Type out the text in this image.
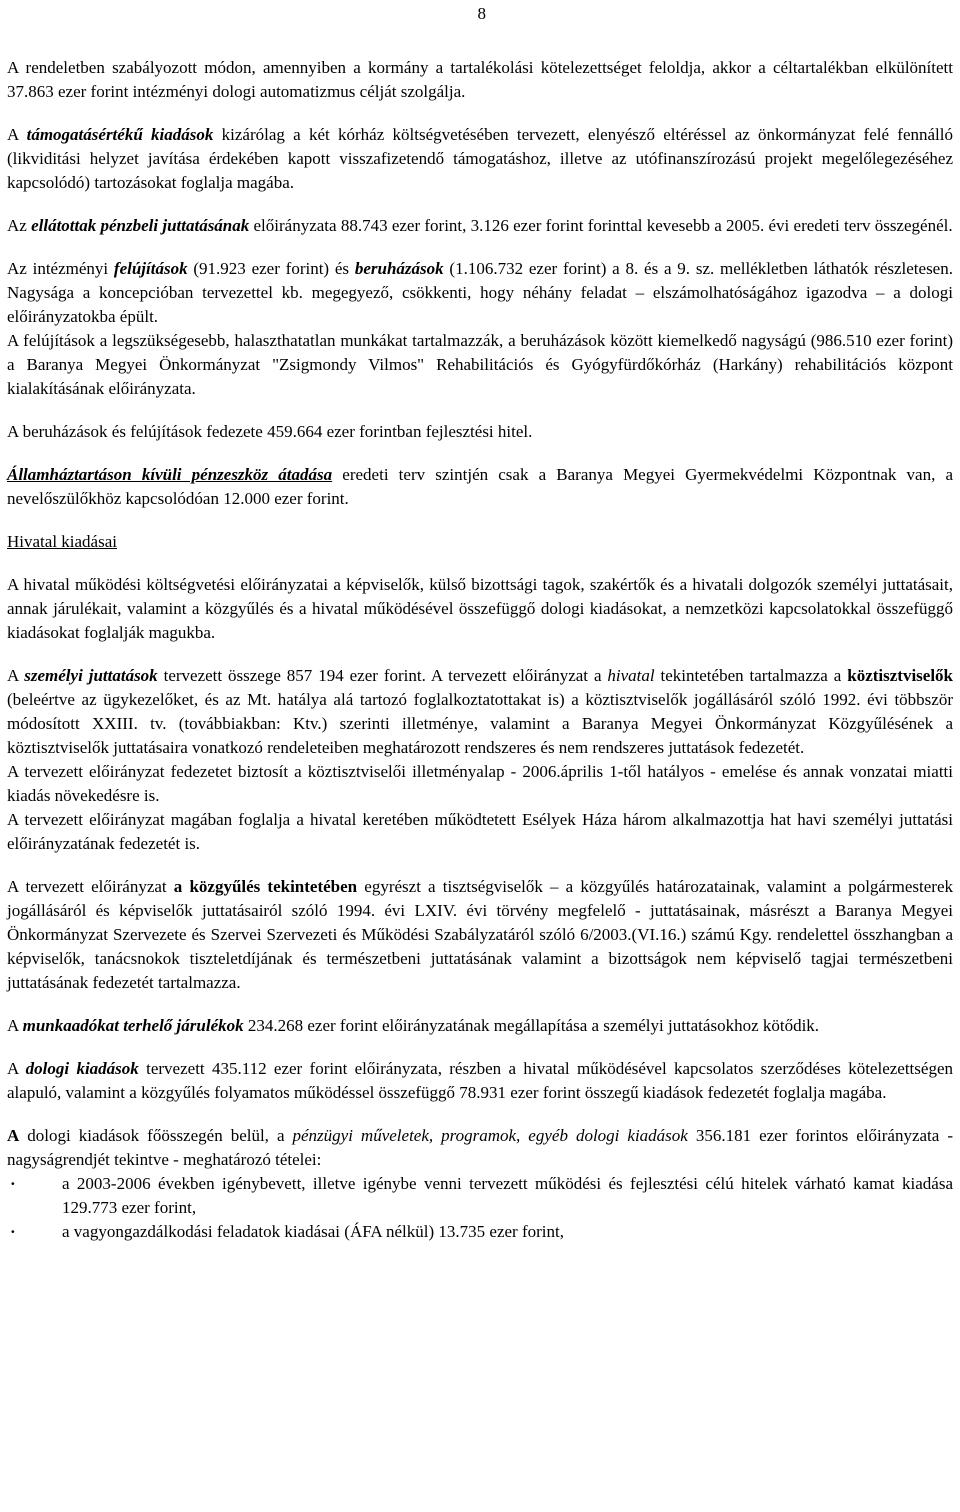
8

A rendeletben szabályozott módon, amennyiben a kormány a tartalékolási kötelezettséget feloldja, akkor a céltartalékban elkülönített 37.863 ezer forint intézményi dologi automatizmus célját szolgálja.

A támogatásértékű kiadások kizárólag a két kórház költségvetésében tervezett, elenyésző eltéréssel az önkormányzat felé fennálló (likviditási helyzet javítása érdekében kapott visszafizetendő támogatáshoz, illetve az utófinanszírozású projekt megelőlegezéséhez kapcsolódó) tartozásokat foglalja magába.

Az ellátottak pénzbeli juttatásának előirányzata 88.743 ezer forint, 3.126 ezer forint forinttal kevesebb a 2005. évi eredeti terv összegénél.

Az intézményi felújítások (91.923 ezer forint) és beruházások (1.106.732 ezer forint) a 8. és a 9. sz. mellékletben láthatók részletesen. Nagysága a koncepcióban tervezettel kb. megegyező, csökkenti, hogy néhány feladat – elszámolhatóságához igazodva – a dologi előirányzatokba épült.

A felújítások a legszükségesebb, halaszthatatlan munkákat tartalmazzák, a beruházások között kiemelkedő nagyságú (986.510 ezer forint) a Baranya Megyei Önkormányzat "Zsigmondy Vilmos" Rehabilitációs és Gyógyfürdőkórház (Harkány) rehabilitációs központ kialakításának előirányzata.

A beruházások és felújítások fedezete 459.664 ezer forintban fejlesztési hitel.

Államháztartáson kívüli pénzeszköz átadása eredeti terv szintjén csak a Baranya Megyei Gyermekvédelmi Központnak van, a nevelőszülőkhöz kapcsolódóan 12.000 ezer forint.

Hivatal kiadásai

A hivatal működési költségvetési előirányzatai a képviselők, külső bizottsági tagok, szakértők és a hivatali dolgozók személyi juttatásait, annak járulékait, valamint a közgyűlés és a hivatal működésével összefüggő dologi kiadásokat, a nemzetközi kapcsolatokkal összefüggő kiadásokat foglalják magukba.

A személyi juttatások tervezett összege 857 194 ezer forint. A tervezett előirányzat a hivatal tekintetében tartalmazza a köztisztviselők (beleértve az ügykezelőket, és az Mt. hatálya alá tartozó foglalkoztatottakat is) a köztisztviselők jogállásáról szóló 1992. évi többször módosított XXIII. tv. (továbbiakban: Ktv.) szerinti illetménye, valamint a Baranya Megyei Önkormányzat Közgyűlésének a köztisztviselők juttatásaira vonatkozó rendeleteiben meghatározott rendszeres és nem rendszeres juttatások fedezetét.

A tervezett előirányzat fedezetet biztosít a köztisztviselői illetményalap - 2006.április 1-től hatályos - emelése és annak vonzatai miatti kiadás növekedésre is.

A tervezett előirányzat magában foglalja a hivatal keretében működtetett Esélyek Háza három alkalmazottja hat havi személyi juttatási előirányzatának fedezetét is.

A tervezett előirányzat a közgyűlés tekintetében egyrészt a tisztségviselők – a közgyűlés határozatainak, valamint a polgármesterek jogállásáról és képviselők juttatásairól szóló 1994. évi LXIV. évi törvény megfelelő - juttatásainak, másrészt a Baranya Megyei Önkormányzat Szervezete és Szervei Szervezeti és Működési Szabályzatáról szóló 6/2003.(VI.16.) számú Kgy. rendelettel összhangban a képviselők, tanácsnokok tiszteletdíjának és természetbeni juttatásának valamint a bizottságok nem képviselő tagjai természetbeni juttatásának fedezetét tartalmazza.

A munkaadókat terhelő járulékok 234.268 ezer forint előirányzatának megállapítása a személyi juttatásokhoz kötődik.

A dologi kiadások tervezett 435.112 ezer forint előirányzata, részben a hivatal működésével kapcsolatos szerződéses kötelezettségen alapuló, valamint a közgyűlés folyamatos működéssel összefüggő 78.931 ezer forint összegű kiadások fedezetét foglalja magába.

A dologi kiadások főösszegén belül, a pénzügyi műveletek, programok, egyéb dologi kiadások 356.181 ezer forintos előirányzata - nagyságrendjét tekintve - meghatározó tételei:

·	a 2003-2006 években igénybevett, illetve igénybe venni tervezett működési és fejlesztési célú hitelek várható kamat kiadása 129.773 ezer forint,

·	a vagyongazdálkodási feladatok kiadásai (ÁFA nélkül) 13.735 ezer forint,
